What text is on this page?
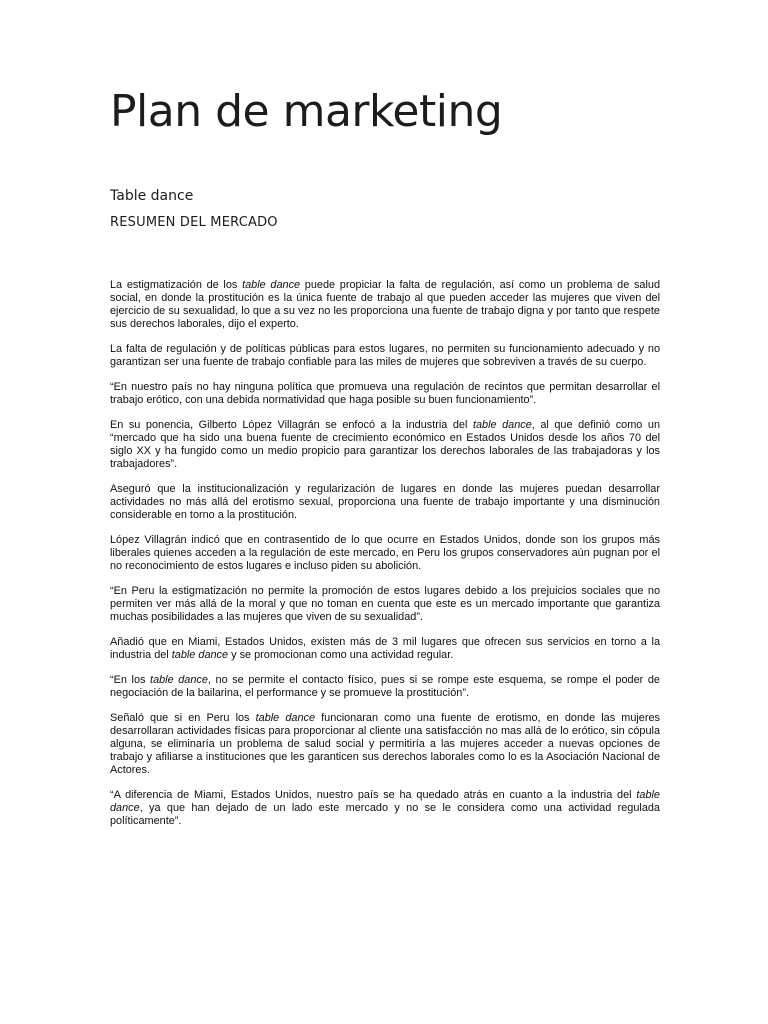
Plan de marketing
Table dance
RESUMEN DEL MERCADO

La estigmatización de los table dance puede propiciar la falta de regulación, así como un problema de salud social, en donde la prostitución es la única fuente de trabajo al que pueden acceder las mujeres que viven del ejercicio de su sexualidad, lo que a su vez no les proporciona una fuente de trabajo digna y por tanto que respete sus derechos laborales, dijo el experto.

La falta de regulación y de políticas públicas para estos lugares, no permiten su funcionamiento adecuado y no garantizan ser una fuente de trabajo confiable para las miles de mujeres que sobreviven a través de su cuerpo.

“En nuestro país no hay ninguna política que promueva una regulación de recintos que permitan desarrollar el trabajo erótico, con una debida normatividad que haga posible su buen funcionamiento”.

En su ponencia, Gilberto López Villagrán se enfocó a la industria del table dance, al que definió como un “mercado que ha sido una buena fuente de crecimiento económico en Estados Unidos desde los años 70 del siglo XX y ha fungido como un medio propicio para garantizar los derechos laborales de las trabajadoras y los trabajadores”.

Aseguró que la institucionalización y regularización de lugares en donde las mujeres puedan desarrollar actividades no más allá del erotismo sexual, proporciona una fuente de trabajo importante y una disminución considerable en torno a la prostitución.

López Villagrán indicó que en contrasentido de lo que ocurre en Estados Unidos, donde son los grupos más liberales quienes acceden a la regulación de este mercado, en Peru los grupos conservadores aún pugnan por el no reconocimiento de estos lugares e incluso piden su abolición.

“En Peru la estigmatización no permite la promoción de estos lugares debido a los prejuicios sociales que no permiten ver más allá de la moral y que no toman en cuenta que este es un mercado importante que garantiza muchas posibilidades a las mujeres que viven de su sexualidad”.

Añadió que en Miami, Estados Unidos, existen más de 3 mil lugares que ofrecen sus servicios en torno a la industria del table dance y se promocionan como una actividad regular.

“En los table dance, no se permite el contacto físico, pues si se rompe este esquema, se rompe el poder de negociación de la bailarina, el performance y se promueve la prostitución”.

Señaló que si en Peru los table dance funcionaran como una fuente de erotismo, en donde las mujeres desarrollaran actividades físicas para proporcionar al cliente una satisfacción no mas allá de lo erótico, sin cópula alguna, se eliminaría un problema de salud social y permitiría a las mujeres acceder a nuevas opciones de trabajo y afiliarse a instituciones que les garanticen sus derechos laborales como lo es la Asociación Nacional de Actores.

“A diferencia de Miami, Estados Unidos, nuestro país se ha quedado atrás en cuanto a la industria del table dance, ya que han dejado de un lado este mercado y no se le considera como una actividad regulada políticamente”.
